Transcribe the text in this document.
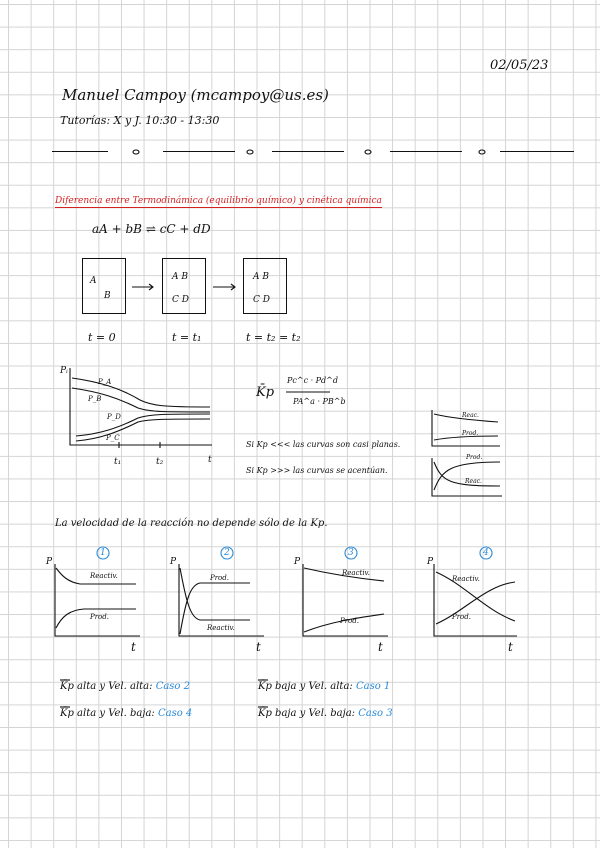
02/05/23
Manuel Campoy (mcampoy@us.es)
Tutorías: X y J. 10:30 - 13:30
Diferencia entre Termodinámica (equilibrio químico) y cinética química
aA + bB ⇌ cC + dD
A
B
A B
C D
A B
C D
t = 0	t = t₁	t = t₂ = t₂
Pᵢ
P_A
P_B
P_D
P_C
t₁	t₂	t
K̄p
Pc^c · Pd^d
PA^a · PB^b
Si Kp <<< las curvas son casi planas.
Si Kp >>> las curvas se acentúan.
Reac.
Prod.
Prod.
Reac.
La velocidad de la reacción no depende sólo de la Kp.
1
Reactiv.
Prod.
2
Prod.
Reactiv.
3
Reactiv.
Prod.
4
Reactiv.
Prod.
P
t
P
t
P
t
P
t
K̄p alta y Vel. alta: Caso 2	K̄p baja y Vel. alta: Caso 1
K̄p alta y Vel. baja: Caso 4	K̄p baja y Vel. baja: Caso 3
